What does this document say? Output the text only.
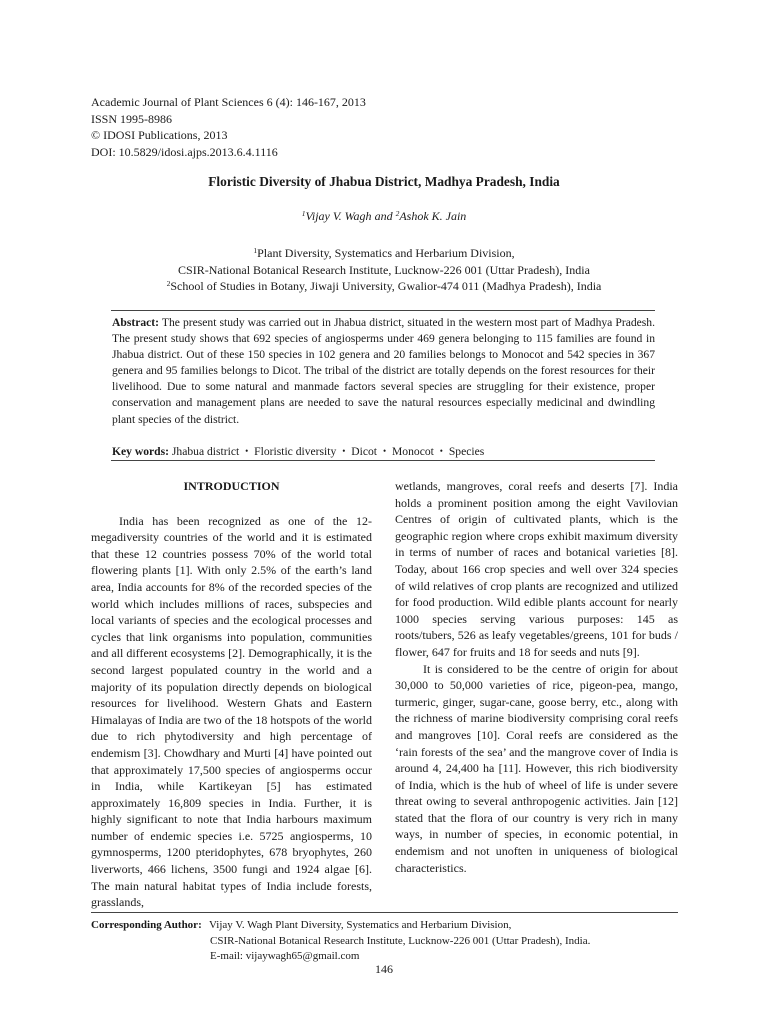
Academic Journal of Plant Sciences 6 (4): 146-167, 2013
ISSN 1995-8986
© IDOSI Publications, 2013
DOI: 10.5829/idosi.ajps.2013.6.4.1116
Floristic Diversity of Jhabua District, Madhya Pradesh, India
$^1$Vijay V. Wagh and $^2$Ashok K. Jain
$^1$Plant Diversity, Systematics and Herbarium Division,
CSIR-National Botanical Research Institute, Lucknow-226 001 (Uttar Pradesh), India
$^2$School of Studies in Botany, Jiwaji University, Gwalior-474 011 (Madhya Pradesh), India
Abstract: The present study was carried out in Jhabua district, situated in the western most part of Madhya Pradesh. The present study shows that 692 species of angiosperms under 469 genera belonging to 115 families are found in Jhabua district. Out of these 150 species in 102 genera and 20 families belongs to Monocot and 542 species in 367 genera and 95 families belongs to Dicot. The tribal of the district are totally depends on the forest resources for their livelihood. Due to some natural and manmade factors several species are struggling for their existence, proper conservation and management plans are needed to save the natural resources especially medicinal and dwindling plant species of the district.
Key words: Jhabua district • Floristic diversity • Dicot • Monocot • Species

INTRODUCTION

India has been recognized as one of the 12-megadiversity countries of the world and it is estimated that these 12 countries possess 70% of the world total flowering plants [1]. With only 2.5% of the earth’s land area, India accounts for 8% of the recorded species of the world which includes millions of races, subspecies and local variants of species and the ecological processes and cycles that link organisms into population, communities and all different ecosystems [2]. Demographically, it is the second largest populated country in the world and a majority of its population directly depends on biological resources for livelihood. Western Ghats and Eastern Himalayas of India are two of the 18 hotspots of the world due to rich phytodiversity and high percentage of endemism [3]. Chowdhary and Murti [4] have pointed out that approximately 17,500 species of angiosperms occur in India, while Kartikeyan [5] has estimated approximately 16,809 species in India. Further, it is highly significant to note that India harbours maximum number of endemic species i.e. 5725 angiosperms, 10 gymnosperms, 1200 pteridophytes, 678 bryophytes, 260 liverworts, 466 lichens, 3500 fungi and 1924 algae [6]. The main natural habitat types of India include forests, grasslands,

wetlands, mangroves, coral reefs and deserts [7]. India holds a prominent position among the eight Vavilovian Centres of origin of cultivated plants, which is the geographic region where crops exhibit maximum diversity in terms of number of races and botanical varieties [8]. Today, about 166 crop species and well over 324 species of wild relatives of crop plants are recognized and utilized for food production. Wild edible plants account for nearly 1000 species serving various purposes: 145 as roots/tubers, 526 as leafy vegetables/greens, 101 for buds / flower, 647 for fruits and 18 for seeds and nuts [9].

It is considered to be the centre of origin for about 30,000 to 50,000 varieties of rice, pigeon-pea, mango, turmeric, ginger, sugar-cane, goose berry, etc., along with the richness of marine biodiversity comprising coral reefs and mangroves [10]. Coral reefs are considered as the ‘rain forests of the sea’ and the mangrove cover of India is around 4, 24,400 ha [11]. However, this rich biodiversity of India, which is the hub of wheel of life is under severe threat owing to several anthropogenic activities. Jain [12] stated that the flora of our country is very rich in many ways, in number of species, in economic potential, in endemism and not unoften in uniqueness of biological characteristics.

Corresponding Author: Vijay V. Wagh Plant Diversity, Systematics and Herbarium Division,
CSIR-National Botanical Research Institute, Lucknow-226 001 (Uttar Pradesh), India.
E-mail: vijaywagh65@gmail.com
146
